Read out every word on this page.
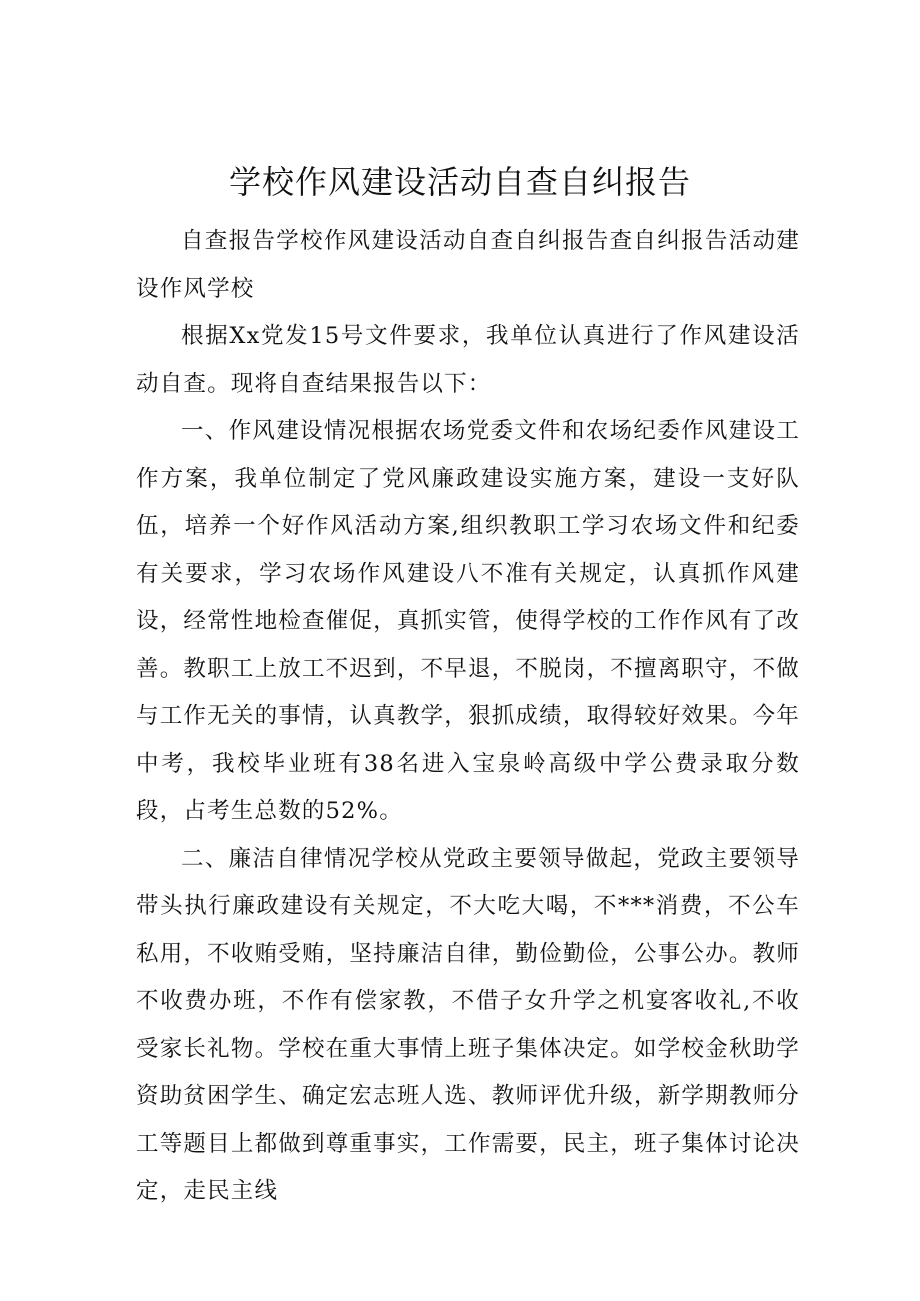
学校作风建设活动自查自纠报告

自查报告学校作风建设活动自查自纠报告查自纠报告活动建设作风学校

根据Xx党发15号文件要求，我单位认真进行了作风建设活动自查。现将自查结果报告以下：

一、作风建设情况根据农场党委文件和农场纪委作风建设工作方案，我单位制定了党风廉政建设实施方案，建设一支好队伍，培养一个好作风活动方案,组织教职工学习农场文件和纪委有关要求，学习农场作风建设八不准有关规定，认真抓作风建设，经常性地检查催促，真抓实管，使得学校的工作作风有了改善。教职工上放工不迟到，不早退，不脱岗，不擅离职守，不做与工作无关的事情，认真教学，狠抓成绩，取得较好效果。今年中考，我校毕业班有38名进入宝泉岭高级中学公费录取分数段，占考生总数的52%。

二、廉洁自律情况学校从党政主要领导做起，党政主要领导带头执行廉政建设有关规定，不大吃大喝，不***消费，不公车私用，不收贿受贿，坚持廉洁自律，勤俭勤俭，公事公办。教师不收费办班，不作有偿家教，不借子女升学之机宴客收礼,不收受家长礼物。学校在重大事情上班子集体决定。如学校金秋助学资助贫困学生、确定宏志班人选、教师评优升级，新学期教师分工等题目上都做到尊重事实，工作需要，民主，班子集体讨论决定，走民主线
